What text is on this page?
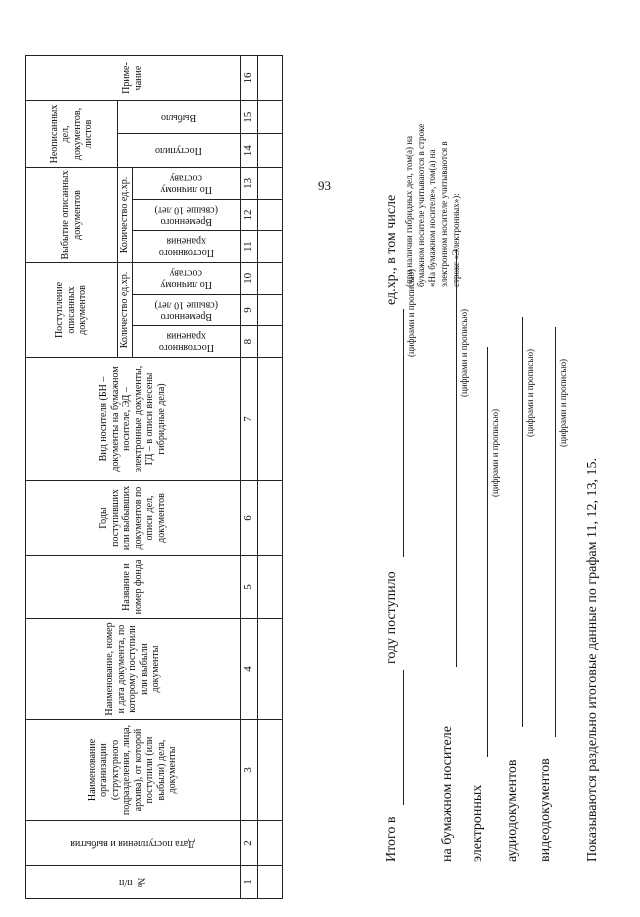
93
№ п/п	Дата поступления и выбытия	Наименование организации (структурного подразделения, лица, архива), от которой поступили (или выбыли) дела, документы	Наименование, номер и дата документа, по которому поступили или выбыли документы	Название и номер фонда	Годы поступивших или выбывших документов по описи дел, документов	Вид носителя (БН – документы на бумажном носителе, ЭД – электронные документы, ГД – в описи внесены гибридные дела)	Поступление описанных документов			Выбытие описанных документов			Неописанных дел, документов, листов		Приме- чание
							Количество ед.хр.			Количество ед.хр.			Поступило	Выбыло	

							Постоянного хранения	Временного (свыше 10 лет)	По личному составу	Постоянного хранения	Временного (свыше 10 лет)	По личному составу			

1	2	3	4	5	6	7	8	9	10	11	12	13	14	15	16

Итого в
году поступило
(цифрами и прописью)
ед.хр., в том числе (при наличии гибридных дел, том(а) на бумажном носителе учитываются в строке «На бумажном носителе», том(а) на электронном носителе учитываются в строке «Электронных»):
на бумажном носителе
(цифрами и прописью)
электронных
(цифрами и прописью)
аудиодокументов
(цифрами и прописью)
видеодокументов
(цифрами и прописью)
Показываются раздельно итоговые данные по графам 11, 12, 13, 15.
